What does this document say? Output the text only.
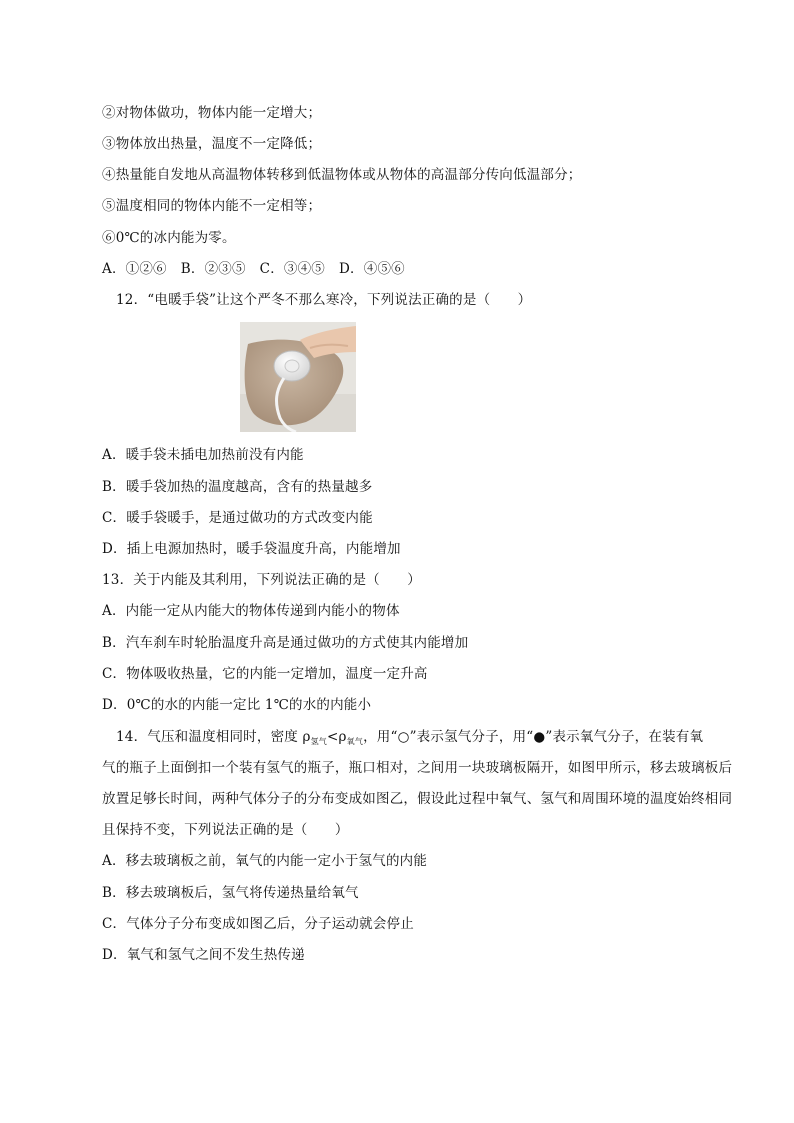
②对物体做功，物体内能一定增大；
③物体放出热量，温度不一定降低；
④热量能自发地从高温物体转移到低温物体或从物体的高温部分传向低温部分；
⑤温度相同的物体内能不一定相等；
⑥0℃的冰内能为零。
A．①②⑥ B．②③⑤ C．③④⑤ D．④⑤⑥
12．“电暖手袋”让这个严冬不那么寒冷，下列说法正确的是（　　）
A．暖手袋未插电加热前没有内能
B．暖手袋加热的温度越高，含有的热量越多
C．暖手袋暖手，是通过做功的方式改变内能
D．插上电源加热时，暖手袋温度升高，内能增加
13．关于内能及其利用，下列说法正确的是（　　）
A．内能一定从内能大的物体传递到内能小的物体
B．汽车刹车时轮胎温度升高是通过做功的方式使其内能增加
C．物体吸收热量，它的内能一定增加，温度一定升高
D．0℃的水的内能一定比 1℃的水的内能小
14．气压和温度相同时，密度 $\rho_{氢气}<\rho_{氧气}$，用“○”表示氢气分子，用“●”表示氧气分子，在装有氧
气的瓶子上面倒扣一个装有氢气的瓶子，瓶口相对，之间用一块玻璃板隔开，如图甲所示，移去玻璃板后
放置足够长时间，两种气体分子的分布变成如图乙，假设此过程中氧气、氢气和周围环境的温度始终相同
且保持不变，下列说法正确的是（　　）
A．移去玻璃板之前，氧气的内能一定小于氢气的内能
B．移去玻璃板后，氢气将传递热量给氧气
C．气体分子分布变成如图乙后，分子运动就会停止
D．氧气和氢气之间不发生热传递
